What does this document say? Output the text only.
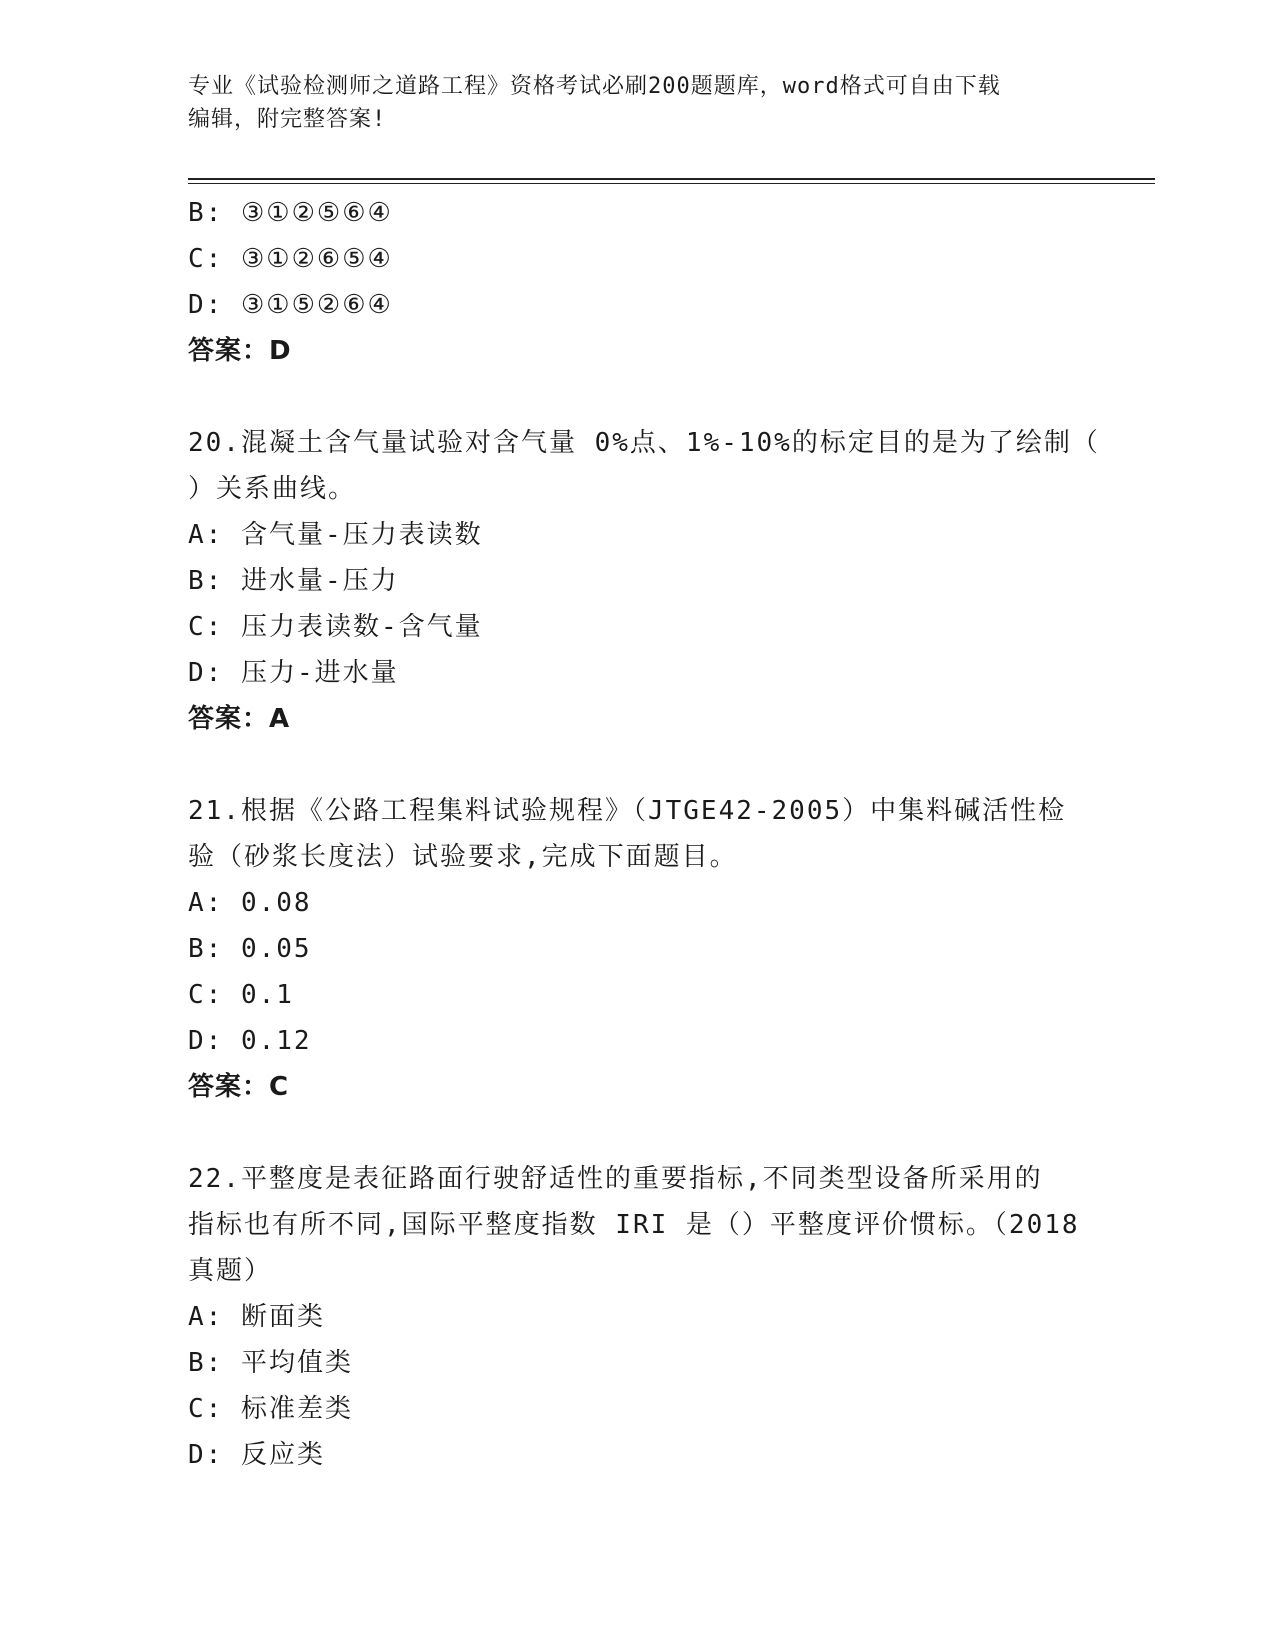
专业《试验检测师之道路工程》资格考试必刷200题题库，word格式可自由下载
编辑，附完整答案!
B: ③①②⑤⑥④
C: ③①②⑥⑤④
D: ③①⑤②⑥④
答案：D
20.混凝土含气量试验对含气量 0%点、1%-10%的标定目的是为了绘制（
）关系曲线。
A: 含气量-压力表读数
B: 进水量-压力
C: 压力表读数-含气量
D: 压力-进水量
答案：A
21.根据《公路工程集料试验规程》（JTGE42-2005）中集料碱活性检
验（砂浆长度法）试验要求,完成下面题目。
A: 0.08
B: 0.05
C: 0.1
D: 0.12
答案：C
22.平整度是表征路面行驶舒适性的重要指标,不同类型设备所采用的
指标也有所不同,国际平整度指数 IRI 是（）平整度评价惯标。（2018
真题）
A: 断面类
B: 平均值类
C: 标准差类
D: 反应类
